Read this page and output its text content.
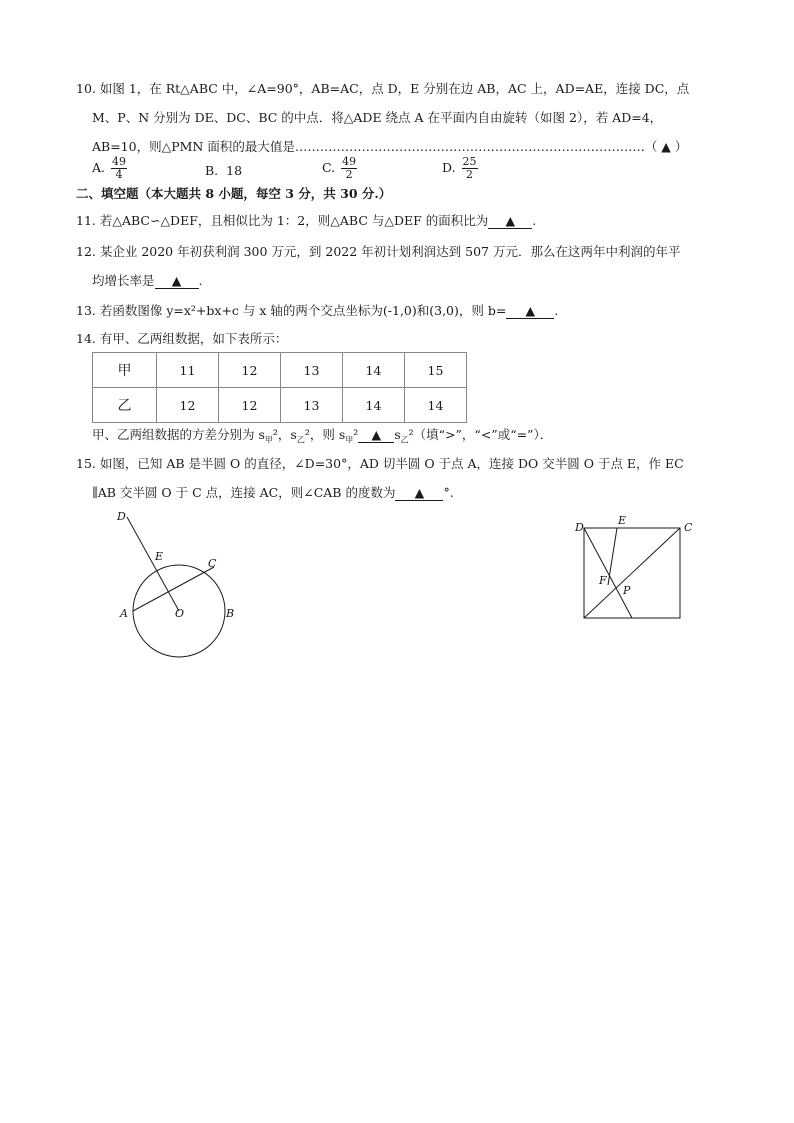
10. 如图 1，在 Rt△ABC 中，∠A=90°，AB=AC，点 D，E 分别在边 AB，AC 上，AD=AE，连接 DC，点
M、P、N 分别为 DE、DC、BC 的中点．将△ADE 绕点 A 在平面内自由旋转（如图 2），若 AD=4，
AB=10，则△PMN 面积的最大值是…………………………………………………………………………（ ▲ ）
A. $\frac{49}{4}$	B. 18	C. $\frac{49}{2}$	D. $\frac{25}{2}$
二、填空题（本大题共 8 小题，每空 3 分，共 30 分.）
11. 若△ABC∽△DEF，且相似比为 1：2，则△ABC 与△DEF 的面积比为 ▲ .
12. 某企业 2020 年初获利润 300 万元，到 2022 年初计划利润达到 507 万元．那么在这两年中利润的年平
均增长率是 ▲ .
13. 若函数图像 y=x²+bx+c 与 x 轴的两个交点坐标为(-1,0)和(3,0)，则 b= ▲ .
14. 有甲、乙两组数据，如下表所示：
甲	11	12	13	14	15
乙	12	12	13	14	14
甲、乙两组数据的方差分别为 $s_甲^2$，$s_乙^2$，则 $s_甲^2$ ▲ $s_乙^2$（填“>”，“<”或“=”）．
15. 如图，已知 AB 是半圆 O 的直径，∠D=30°，AD 切半圆 O 于点 A，连接 DO 交半圆 O 于点 E，作 EC
∥AB 交半圆 O 于 C 点，连接 AC，则∠CAB 的度数为 ▲ °.
D
E
C
A	O	B
D
E
C
F
P
